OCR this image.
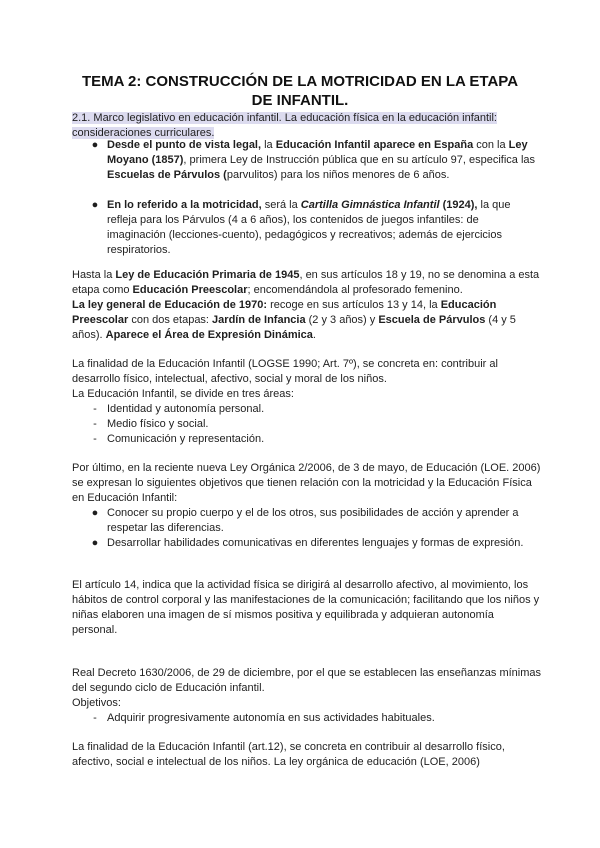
TEMA 2: CONSTRUCCIÓN DE LA MOTRICIDAD EN LA ETAPA DE INFANTIL.
2.1. Marco legislativo en educación infantil. La educación física en la educación infantil: consideraciones curriculares.
● Desde el punto de vista legal, la Educación Infantil aparece en España con la Ley Moyano (1857), primera Ley de Instrucción pública que en su artículo 97, especifica las Escuelas de Párvulos (parvulitos) para los niños menores de 6 años.
● En lo referido a la motricidad, será la Cartilla Gimnástica Infantil (1924), la que refleja para los Párvulos (4 a 6 años), los contenidos de juegos infantiles: de imaginación (lecciones-cuento), pedagógicos y recreativos; además de ejercicios respiratorios.

Hasta la Ley de Educación Primaria de 1945, en sus artículos 18 y 19, no se denomina a esta etapa como Educación Preescolar; encomendándola al profesorado femenino.

La ley general de Educación de 1970: recoge en sus artículos 13 y 14, la Educación Preescolar con dos etapas: Jardín de Infancia (2 y 3 años) y Escuela de Párvulos (4 y 5 años). Aparece el Área de Expresión Dinámica.

La finalidad de la Educación Infantil (LOGSE 1990; Art. 7º), se concreta en: contribuir al desarrollo físico, intelectual, afectivo, social y moral de los niños.

La Educación Infantil, se divide en tres áreas:

- Identidad y autonomía personal.
- Medio físico y social.
- Comunicación y representación.

Por último, en la reciente nueva Ley Orgánica 2/2006, de 3 de mayo, de Educación (LOE. 2006) se expresan lo siguientes objetivos que tienen relación con la motricidad y la Educación Física en Educación Infantil:

● Conocer su propio cuerpo y el de los otros, sus posibilidades de acción y aprender a respetar las diferencias.
● Desarrollar habilidades comunicativas en diferentes lenguajes y formas de expresión.

El artículo 14, indica que la actividad física se dirigirá al desarrollo afectivo, al movimiento, los hábitos de control corporal y las manifestaciones de la comunicación; facilitando que los niños y niñas elaboren una imagen de sí mismos positiva y equilibrada y adquieran autonomía personal.

Real Decreto 1630/2006, de 29 de diciembre, por el que se establecen las enseñanzas mínimas del segundo ciclo de Educación infantil.

Objetivos:

- Adquirir progresivamente autonomía en sus actividades habituales.

La finalidad de la Educación Infantil (art.12), se concreta en contribuir al desarrollo físico, afectivo, social e intelectual de los niños. La ley orgánica de educación (LOE, 2006)
